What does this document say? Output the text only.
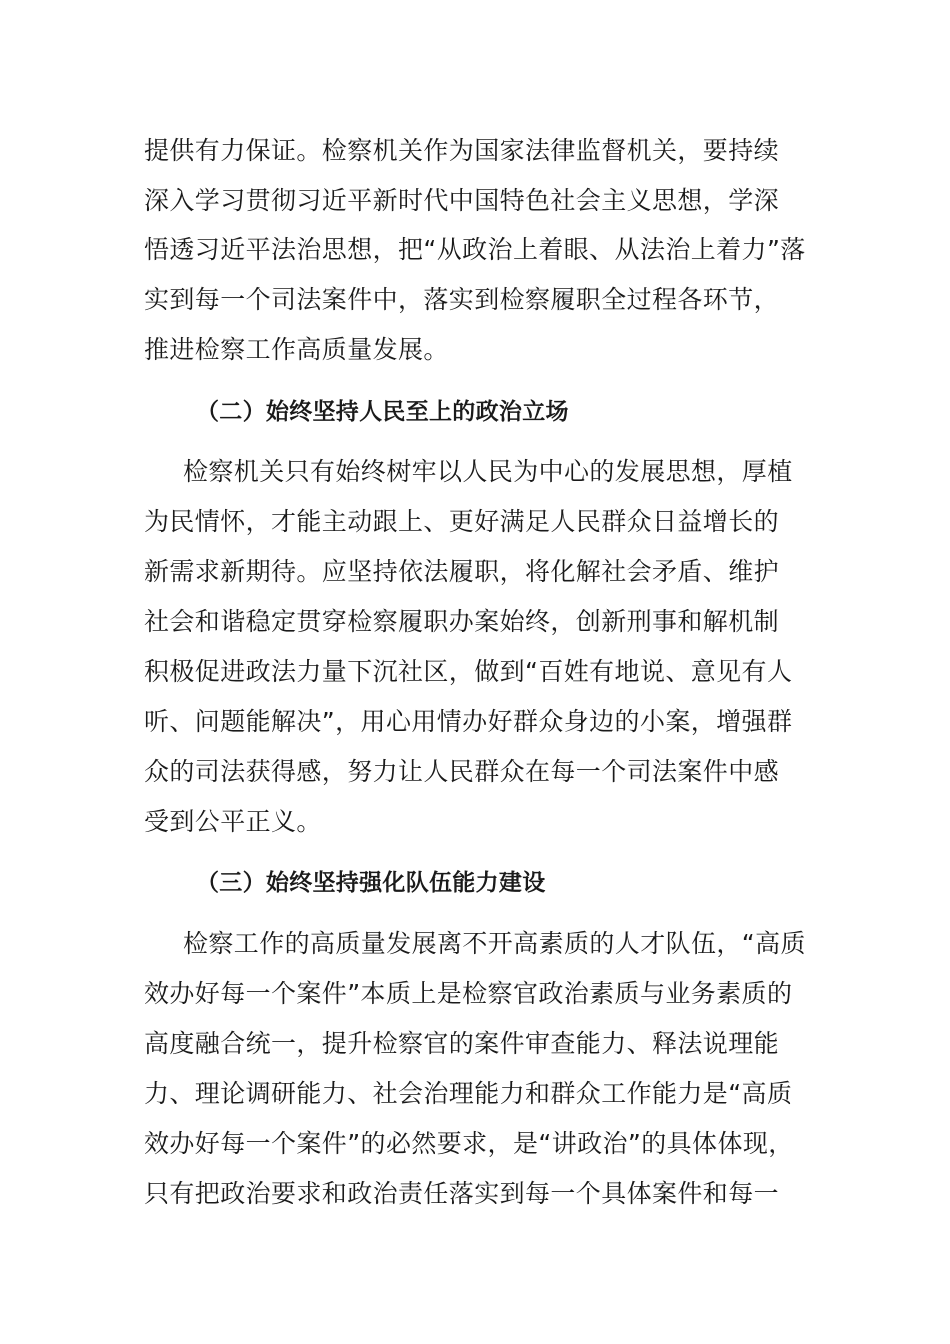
提供有力保证。检察机关作为国家法律监督机关，要持续
深入学习贯彻习近平新时代中国特色社会主义思想，学深
悟透习近平法治思想，把“从政治上着眼、从法治上着力”落
实到每一个司法案件中，落实到检察履职全过程各环节，
推进检察工作高质量发展。
（二）始终坚持人民至上的政治立场
检察机关只有始终树牢以人民为中心的发展思想，厚植
为民情怀，才能主动跟上、更好满足人民群众日益增长的
新需求新期待。应坚持依法履职，将化解社会矛盾、维护
社会和谐稳定贯穿检察履职办案始终，创新刑事和解机制
积极促进政法力量下沉社区，做到“百姓有地说、意见有人
听、问题能解决”，用心用情办好群众身边的小案，增强群
众的司法获得感，努力让人民群众在每一个司法案件中感
受到公平正义。
（三）始终坚持强化队伍能力建设
检察工作的高质量发展离不开高素质的人才队伍，“高质
效办好每一个案件”本质上是检察官政治素质与业务素质的
高度融合统一，提升检察官的案件审查能力、释法说理能
力、理论调研能力、社会治理能力和群众工作能力是“高质
效办好每一个案件”的必然要求，是“讲政治”的具体体现，
只有把政治要求和政治责任落实到每一个具体案件和每一
